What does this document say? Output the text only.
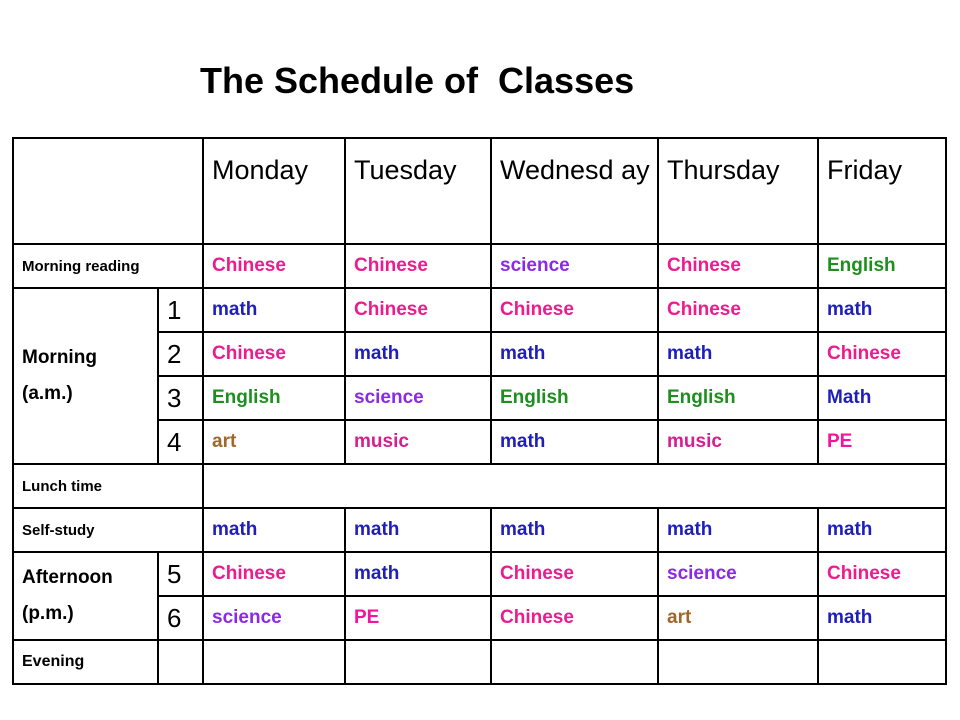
The Schedule of  Classes
		Monday	Tuesday	Wednesd ay	Thursday	Friday
Morning reading		Chinese	Chinese	science	Chinese	English

Morning
(a.m.)	1	math	Chinese	Chinese	Chinese	math
	2	Chinese	math	math	math	Chinese
	3	English	science	English	English	Math
	4	art	music	math	music	PE
Lunch time						
Self-study		math	math	math	math	math

Afternoon
(p.m.)	5	Chinese	math	Chinese	science	Chinese
	6	science	PE	Chinese	art	math
Evening						
